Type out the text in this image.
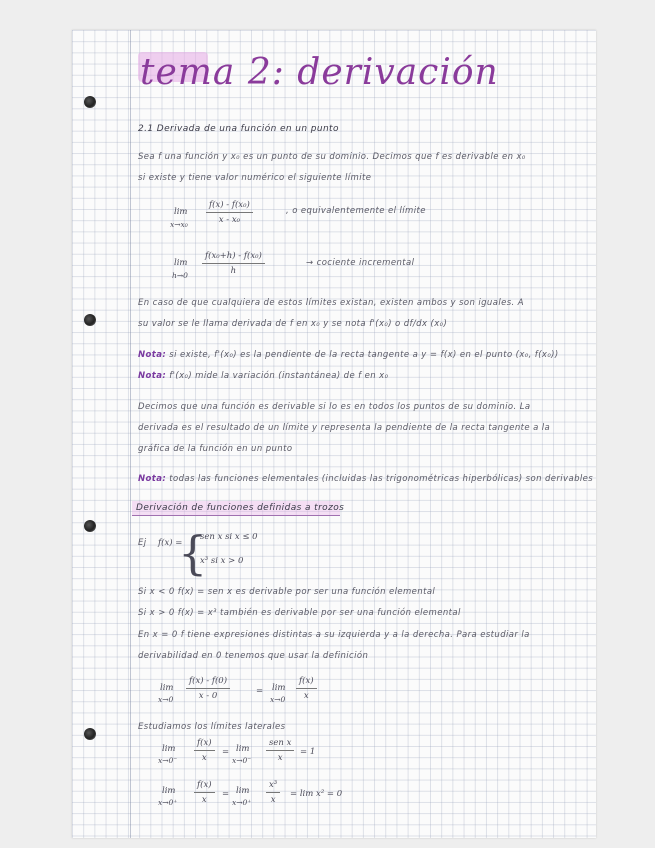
tema 2: derivación
2.1 Derivada de una función en un punto
Sea f una función y x₀ es un punto de su dominio. Decimos que f es derivable en x₀
si existe y tiene valor numérico el siguiente límite
lim
$x\to x_0 \frac{\text{f(x) - f(x₀)}}{\text{x - x₀}}$	, o equivalentemente el límite
lim
$h\to 0 \frac{\text{f(x₀+h) - f(x₀)}}{h}$	→ cociente incremental
En caso de que cualquiera de estos límites existan, existen ambos y son iguales. A
su valor se le llama derivada de f en x₀ y se nota f'(x₀) o df/dx (x₀)
Nota: si existe, f'(x₀) es la pendiente de la recta tangente a y = f(x) en el punto (x₀, f(x₀))
Nota: f'(x₀) mide la variación (instantánea) de f en x₀
Decimos que una función es derivable si lo es en todos los puntos de su dominio. La
derivada es el resultado de un límite y representa la pendiente de la recta tangente a la
gráfica de la función en un punto
Nota: todas las funciones elementales (incluidas las trigonométricas hiperbólicas) son derivables
Derivación de funciones definidas a trozos
Ej f(x) =
{
sen x si x ≤ 0
x³ si x > 0
Si x < 0 f(x) = sen x es derivable por ser una función elemental
Si x > 0 f(x) = x³ también es derivable por ser una función elemental
En x = 0 f tiene expresiones distintas a su izquierda y a la derecha. Para estudiar la
derivabilidad en 0 tenemos que usar la definición
lim
$x\to 0 \frac{f(x) - f(0)}{x - 0}$	= lim
$x\to 0 \frac{f(x)}{x}$
Estudiamos los límites laterales
lim
$x\to 0^- \frac{f(x)}{x} = \lim$
x→0⁻
sen x
x
= 1
lim
$x\to 0^+ \frac{f(x)}{x} = \lim$
$x\to 0^+ \frac{\text{x³}}{x} = \lim x^2 = 0$
